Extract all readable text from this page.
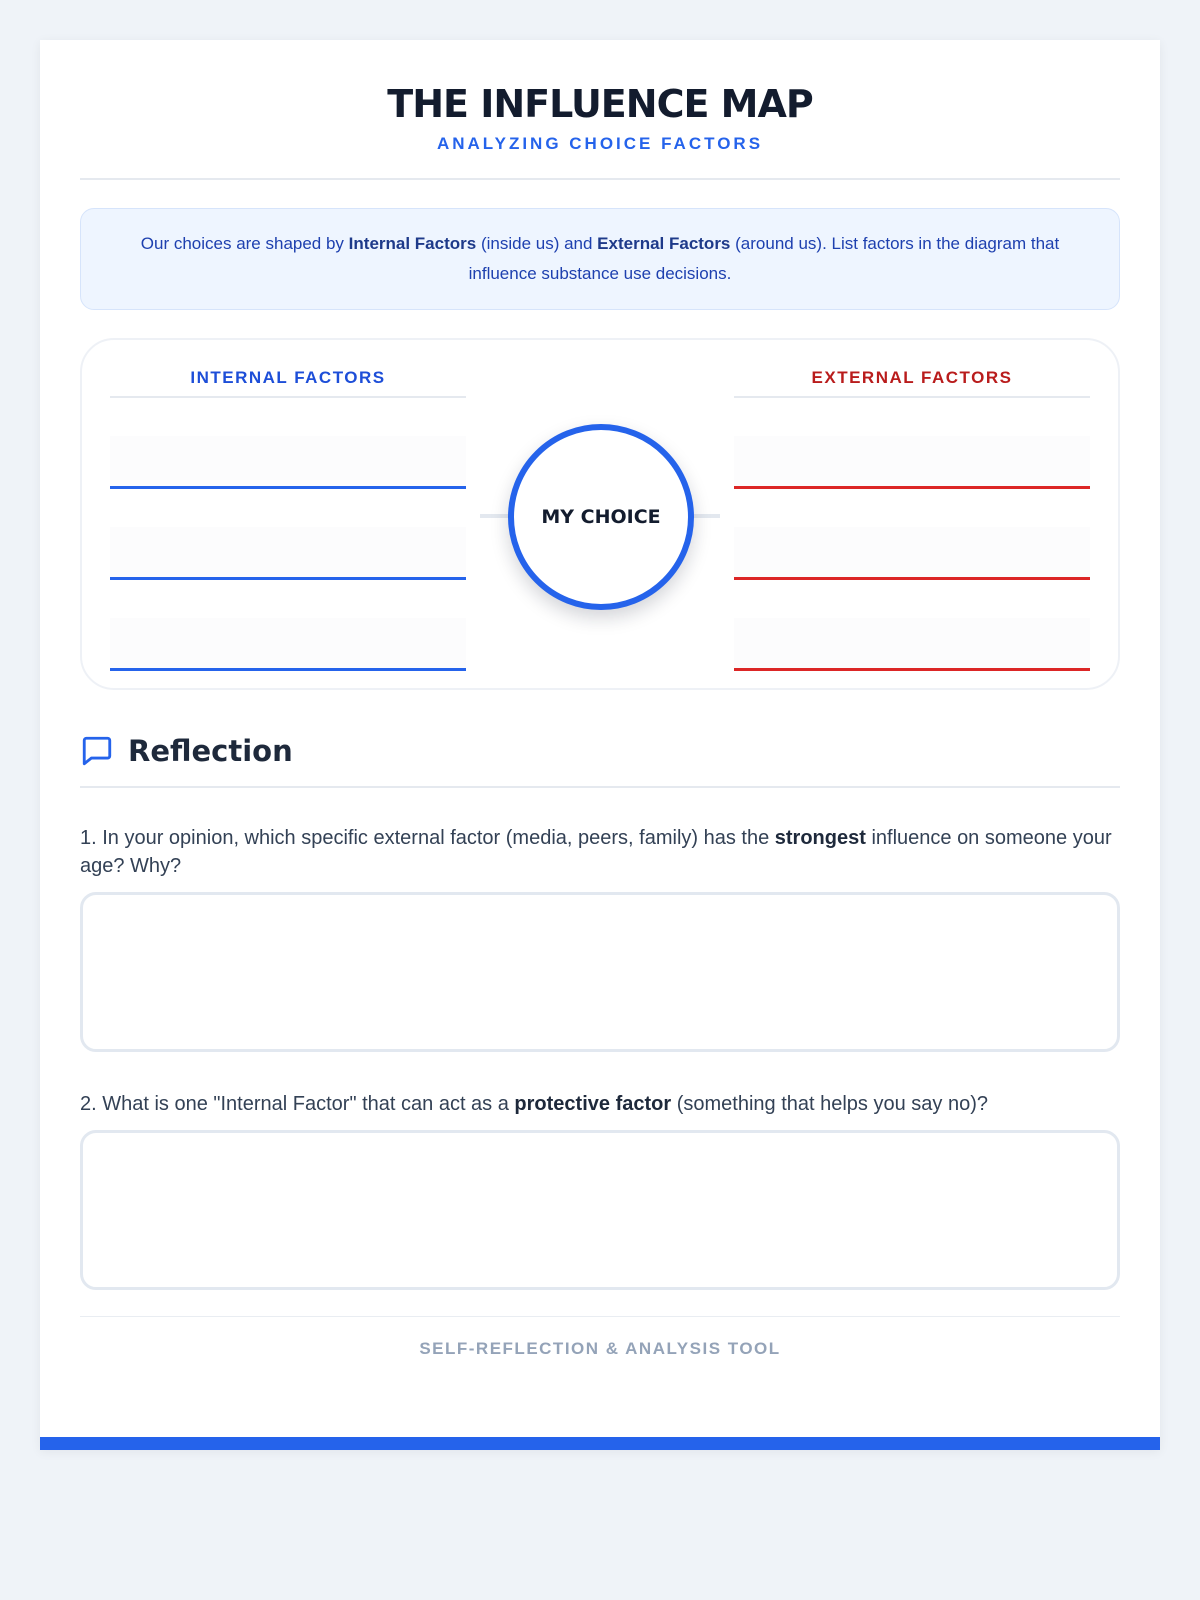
THE INFLUENCE MAP
ANALYZING CHOICE FACTORS
Our choices are shaped by Internal Factors (inside us) and External Factors (around us). List factors in the diagram that influence substance use decisions.
INTERNAL FACTORS
MY CHOICE
EXTERNAL FACTORS
Reflection
1. In your opinion, which specific external factor (media, peers, family) has the strongest influence on someone your age? Why?
2. What is one "Internal Factor" that can act as a protective factor (something that helps you say no)?
SELF-REFLECTION & ANALYSIS TOOL
